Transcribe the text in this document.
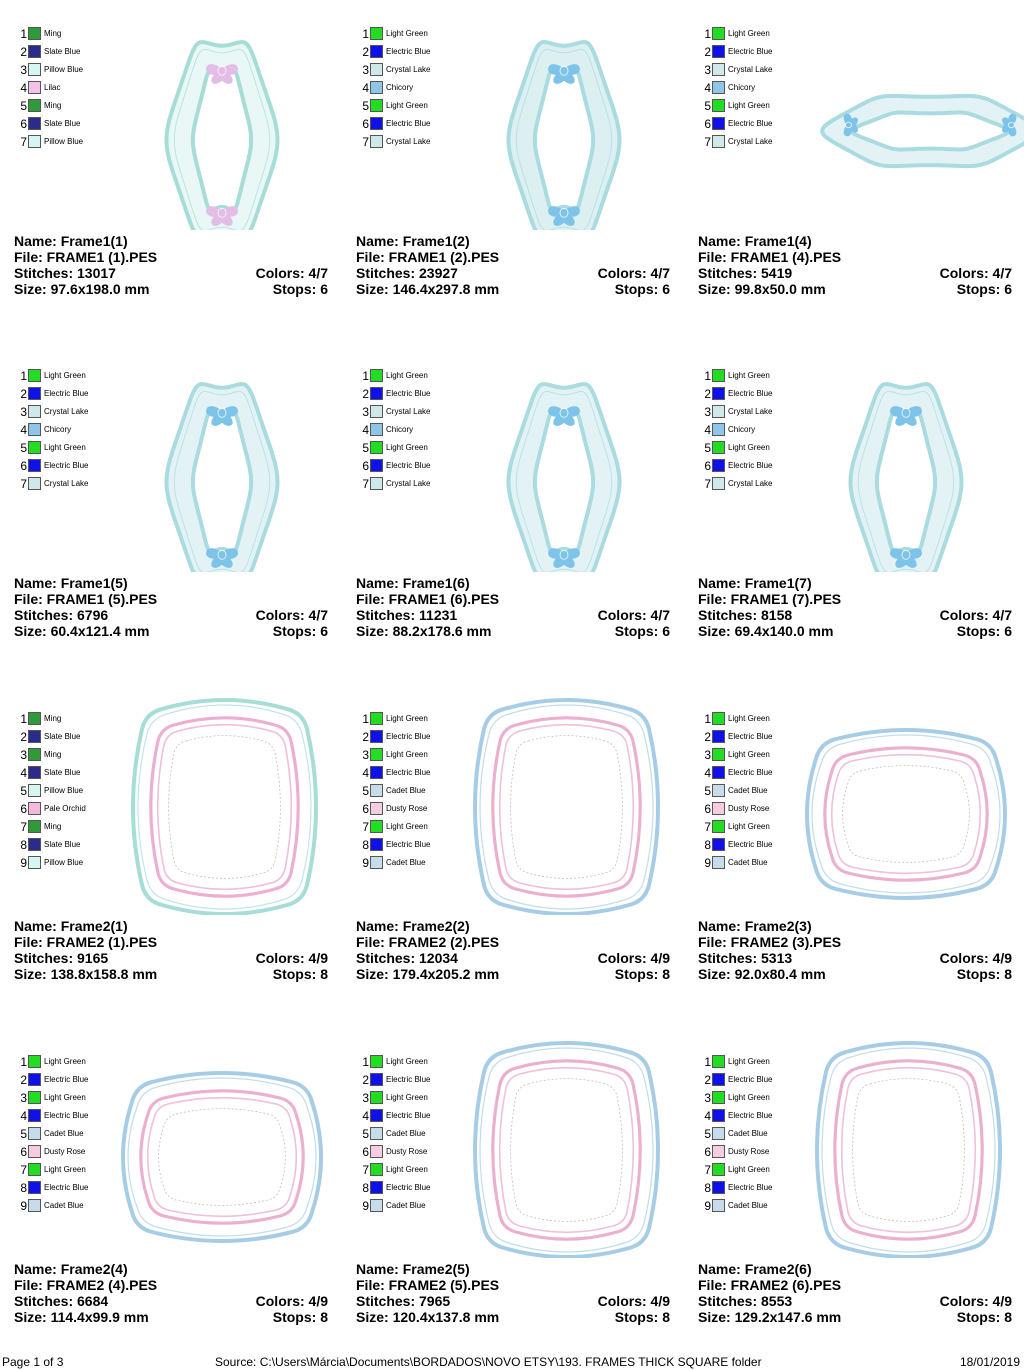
1 Ming
2 Slate Blue
3 Pillow Blue
4 Lilac
5 Ming
6 Slate Blue
7 Pillow Blue
Name: Frame1(1)
File: FRAME1 (1).PES
Stitches: 13017	Colors: 4/7
Size: 97.6x198.0 mm	Stops: 6
1 Light Green
2 Electric Blue
3 Crystal Lake
4 Chicory
5 Light Green
6 Electric Blue
7 Crystal Lake
Name: Frame1(2)
File: FRAME1 (2).PES
Stitches: 23927	Colors: 4/7
Size: 146.4x297.8 mm	Stops: 6
1 Light Green
2 Electric Blue
3 Crystal Lake
4 Chicory
5 Light Green
6 Electric Blue
7 Crystal Lake
Name: Frame1(4)
File: FRAME1 (4).PES
Stitches: 5419	Colors: 4/7
Size: 99.8x50.0 mm	Stops: 6
1 Light Green
2 Electric Blue
3 Crystal Lake
4 Chicory
5 Light Green
6 Electric Blue
7 Crystal Lake
Name: Frame1(5)
File: FRAME1 (5).PES
Stitches: 6796	Colors: 4/7
Size: 60.4x121.4 mm	Stops: 6
1 Light Green
2 Electric Blue
3 Crystal Lake
4 Chicory
5 Light Green
6 Electric Blue
7 Crystal Lake
Name: Frame1(6)
File: FRAME1 (6).PES
Stitches: 11231	Colors: 4/7
Size: 88.2x178.6 mm	Stops: 6
1 Light Green
2 Electric Blue
3 Crystal Lake
4 Chicory
5 Light Green
6 Electric Blue
7 Crystal Lake
Name: Frame1(7)
File: FRAME1 (7).PES
Stitches: 8158	Colors: 4/7
Size: 69.4x140.0 mm	Stops: 6
1 Ming
2 Slate Blue
3 Ming
4 Slate Blue
5 Pillow Blue
6 Pale Orchid
7 Ming
8 Slate Blue
9 Pillow Blue
Name: Frame2(1)
File: FRAME2 (1).PES
Stitches: 9165	Colors: 4/9
Size: 138.8x158.8 mm	Stops: 8
1 Light Green
2 Electric Blue
3 Light Green
4 Electric Blue
5 Cadet Blue
6 Dusty Rose
7 Light Green
8 Electric Blue
9 Cadet Blue
Name: Frame2(2)
File: FRAME2 (2).PES
Stitches: 12034	Colors: 4/9
Size: 179.4x205.2 mm	Stops: 8
1 Light Green
2 Electric Blue
3 Light Green
4 Electric Blue
5 Cadet Blue
6 Dusty Rose
7 Light Green
8 Electric Blue
9 Cadet Blue
Name: Frame2(3)
File: FRAME2 (3).PES
Stitches: 5313	Colors: 4/9
Size: 92.0x80.4 mm	Stops: 8
1 Light Green
2 Electric Blue
3 Light Green
4 Electric Blue
5 Cadet Blue
6 Dusty Rose
7 Light Green
8 Electric Blue
9 Cadet Blue
Name: Frame2(4)
File: FRAME2 (4).PES
Stitches: 6684	Colors: 4/9
Size: 114.4x99.9 mm	Stops: 8
1 Light Green
2 Electric Blue
3 Light Green
4 Electric Blue
5 Cadet Blue
6 Dusty Rose
7 Light Green
8 Electric Blue
9 Cadet Blue
Name: Frame2(5)
File: FRAME2 (5).PES
Stitches: 7965	Colors: 4/9
Size: 120.4x137.8 mm	Stops: 8
1 Light Green
2 Electric Blue
3 Light Green
4 Electric Blue
5 Cadet Blue
6 Dusty Rose
7 Light Green
8 Electric Blue
9 Cadet Blue
Name: Frame2(6)
File: FRAME2 (6).PES
Stitches: 8553	Colors: 4/9
Size: 129.2x147.6 mm	Stops: 8
Page 1 of 3	Source: C:\Users\Márcia\Documents\BORDADOS\NOVO ETSY\193. FRAMES THICK SQUARE folder	18/01/2019
